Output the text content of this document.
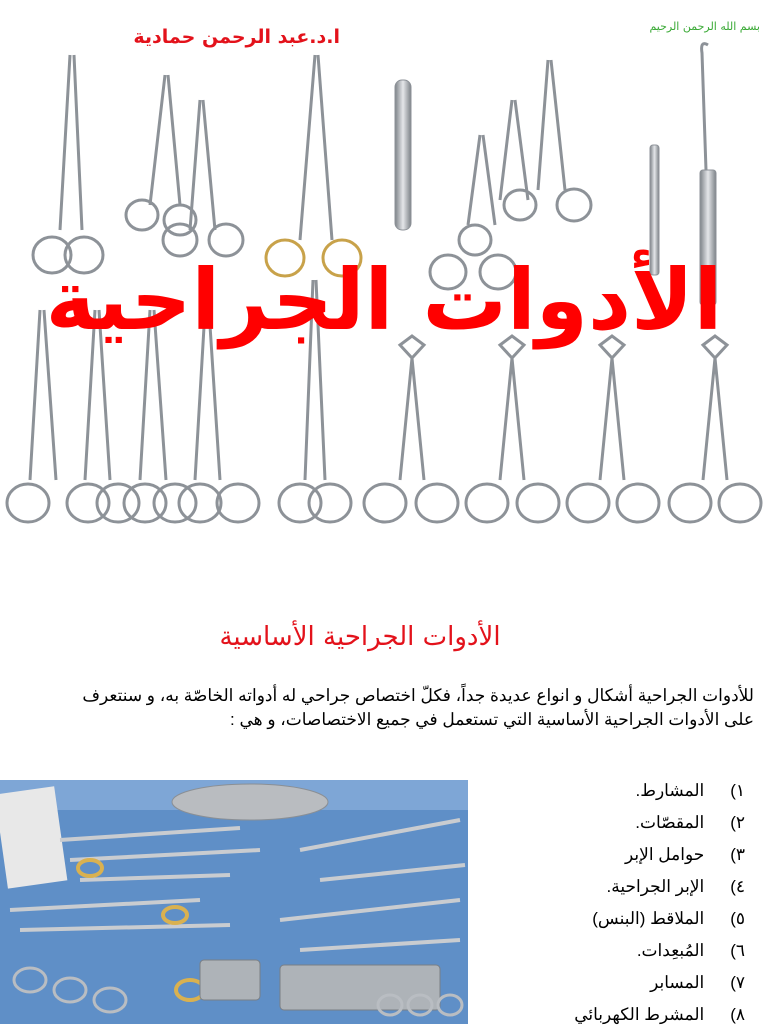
بسم الله الرحمن الرحيم
ا.د.عبد الرحمن حمادية
الأدوات الجراحية
الأدوات الجراحية الأساسية
للأدوات الجراحية أشكال و انواع عديدة جداً، فكلّ اختصاص جراحي له أدواته الخاصّة به، و سنتعرف على الأدوات الجراحية الأساسية التي تستعمل في جميع الاختصاصات، و هي :
١) المشارط.
٢) المقصّات.
٣) حوامل الإبر
٤) الإبر الجراحية.
٥) الملاقط (البنس)
٦) المُبعِدات.
٧) المسابر
٨) المشرط الكهربائي
